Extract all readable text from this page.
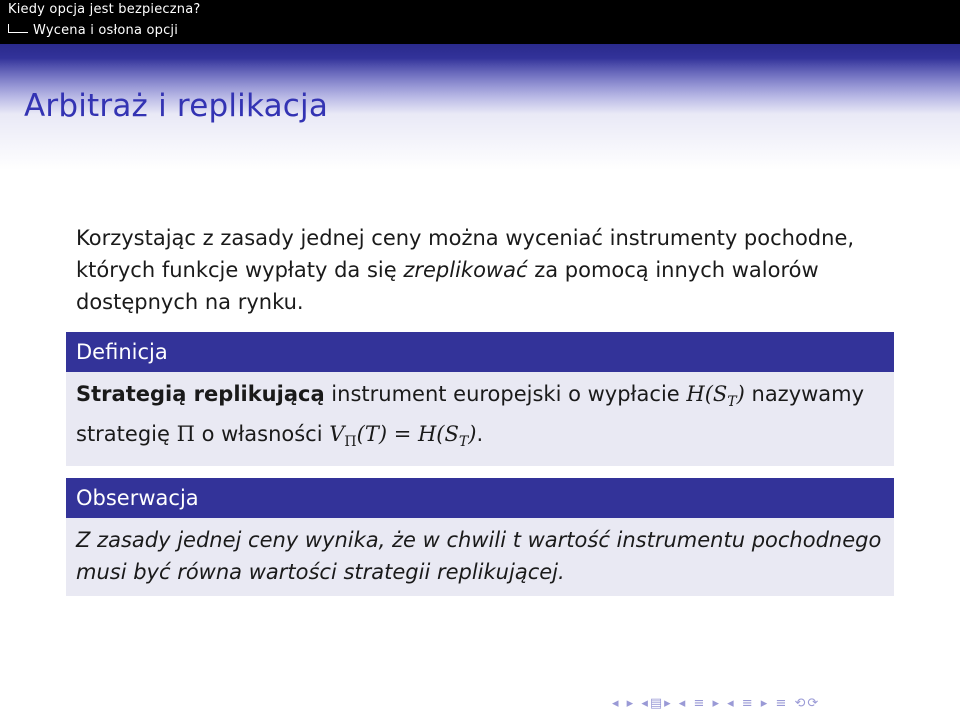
Kiedy opcja jest bezpieczna?
Wycena i osłona opcji
Arbitraż i replikacja
Korzystając z zasady jednej ceny można wyceniać instrumenty pochodne, których funkcje wypłaty da się zreplikować za pomocą innych walorów dostępnych na rynku.
Definicja
Strategią replikującą instrument europejski o wypłacie $H(S_T)$ nazywamy strategię Π o własności $V_\Pi(T) = H(S_T)$.
Obserwacja
Z zasady jednej ceny wynika, że w chwili t wartość instrumentu pochodnego musi być równa wartości strategii replikującej.
◂ ▸ ◂▤▸ ◂ ≡ ▸ ◂ ≡ ▸ ≡ ⟲⟳
